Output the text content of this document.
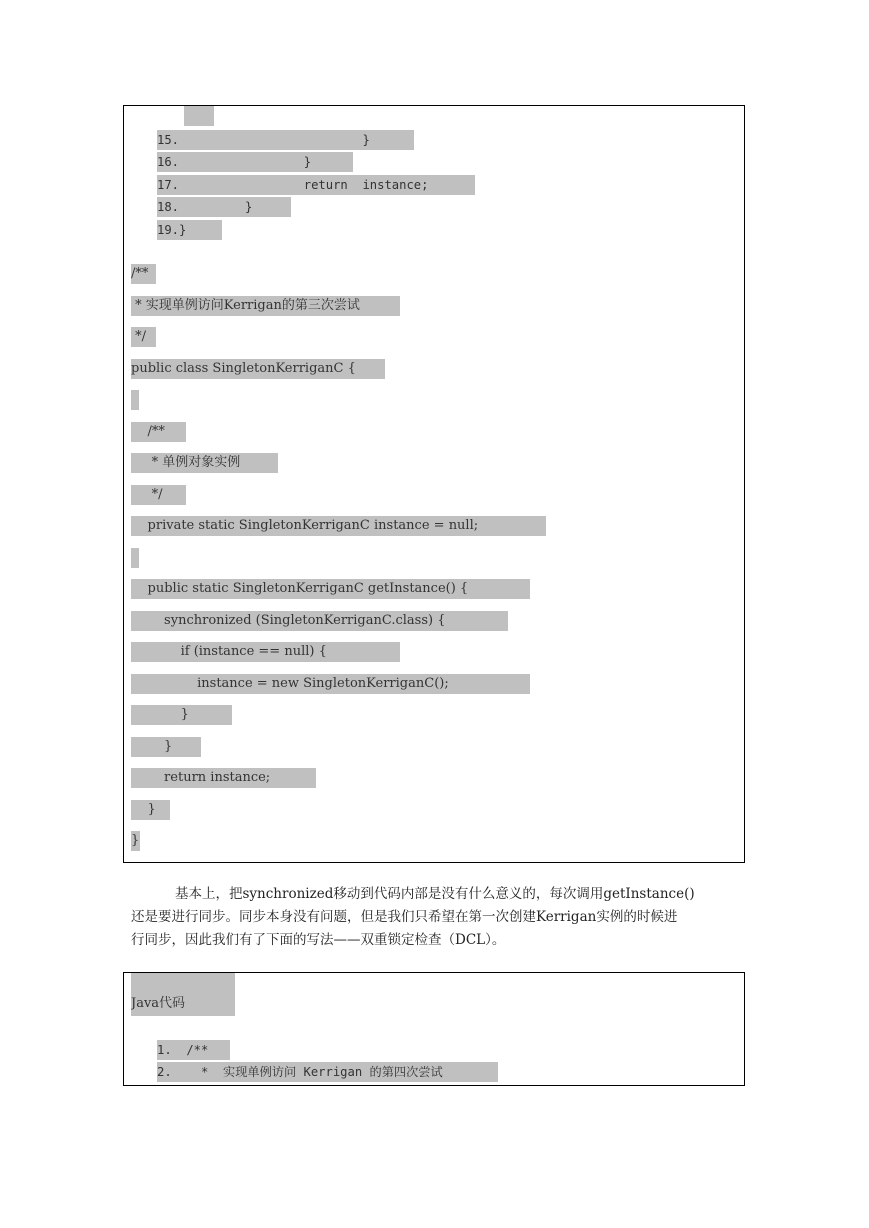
15.                         }
16.                 }
17.                 return  instance;
18.         }
19.}
/**
* 实现单例访问Kerrigan的第三次尝试
*/
public class SingletonKerriganC {
/**
* 单例对象实例
*/
private static SingletonKerriganC instance = null;
public static SingletonKerriganC getInstance() {
synchronized (SingletonKerriganC.class) {
if (instance == null) {
instance = new SingletonKerriganC();
}
}
return instance;
}
}
基本上，把synchronized移动到代码内部是没有什么意义的，每次调用getInstance()
还是要进行同步。同步本身没有问题，但是我们只希望在第一次创建Kerrigan实例的时候进
行同步，因此我们有了下面的写法——双重锁定检查（DCL）。

Java代码

1.  /**
2.    *  实现单例访问 Kerrigan 的第四次尝试
